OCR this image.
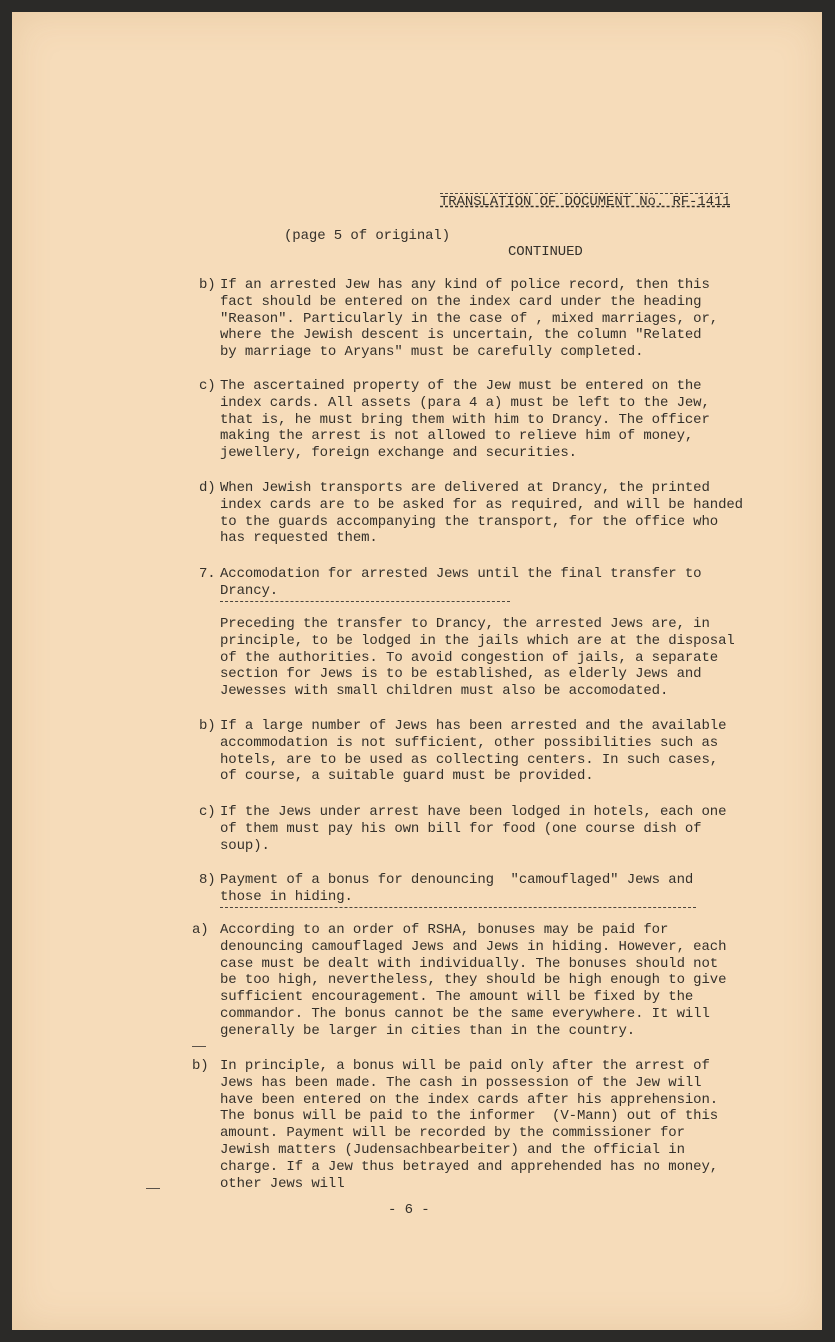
TRANSLATION OF DOCUMENT No. RF-1411

CONTINUED

(page 5 of original)
b) If an arrested Jew has any kind of police record, then this
fact should be entered on the index card under the heading
"Reason". Particularly in the case of , mixed marriages, or,
where the Jewish descent is uncertain, the column "Related
by marriage to Aryans" must be carefully completed.
c) The ascertained property of the Jew must be entered on the
index cards. All assets (para 4 a) must be left to the Jew,
that is, he must bring them with him to Drancy. The officer
making the arrest is not allowed to relieve him of money,
jewellery, foreign exchange and securities.
d) When Jewish transports are delivered at Drancy, the printed
index cards are to be asked for as required, and will be handed
to the guards accompanying the transport, for the office who
has requested them.
7. Accomodation for arrested Jews until the final transfer to
Drancy.
Preceding the transfer to Drancy, the arrested Jews are, in
principle, to be lodged in the jails which are at the disposal
of the authorities. To avoid congestion of jails, a separate
section for Jews is to be established, as elderly Jews and
Jewesses with small children must also be accomodated.
b) If a large number of Jews has been arrested and the available
accommodation is not sufficient, other possibilities such as
hotels, are to be used as collecting centers. In such cases,
of course, a suitable guard must be provided.
c) If the Jews under arrest have been lodged in hotels, each one
of them must pay his own bill for food (one course dish of
soup).
8) Payment of a bonus for denouncing  "camouflaged" Jews and
those in hiding.
a) According to an order of RSHA, bonuses may be paid for
denouncing camouflaged Jews and Jews in hiding. However, each
case must be dealt with individually. The bonuses should not
be too high, nevertheless, they should be high enough to give
sufficient encouragement. The amount will be fixed by the
commandor. The bonus cannot be the same everywhere. It will
generally be larger in cities than in the country.
b) In principle, a bonus will be paid only after the arrest of
Jews has been made. The cash in possession of the Jew will
have been entered on the index cards after his apprehension.
The bonus will be paid to the informer  (V-Mann) out of this
amount. Payment will be recorded by the commissioner for
Jewish matters (Judensachbearbeiter) and the official in
charge. If a Jew thus betrayed and apprehended has no money,
other Jews will
- 6 -
